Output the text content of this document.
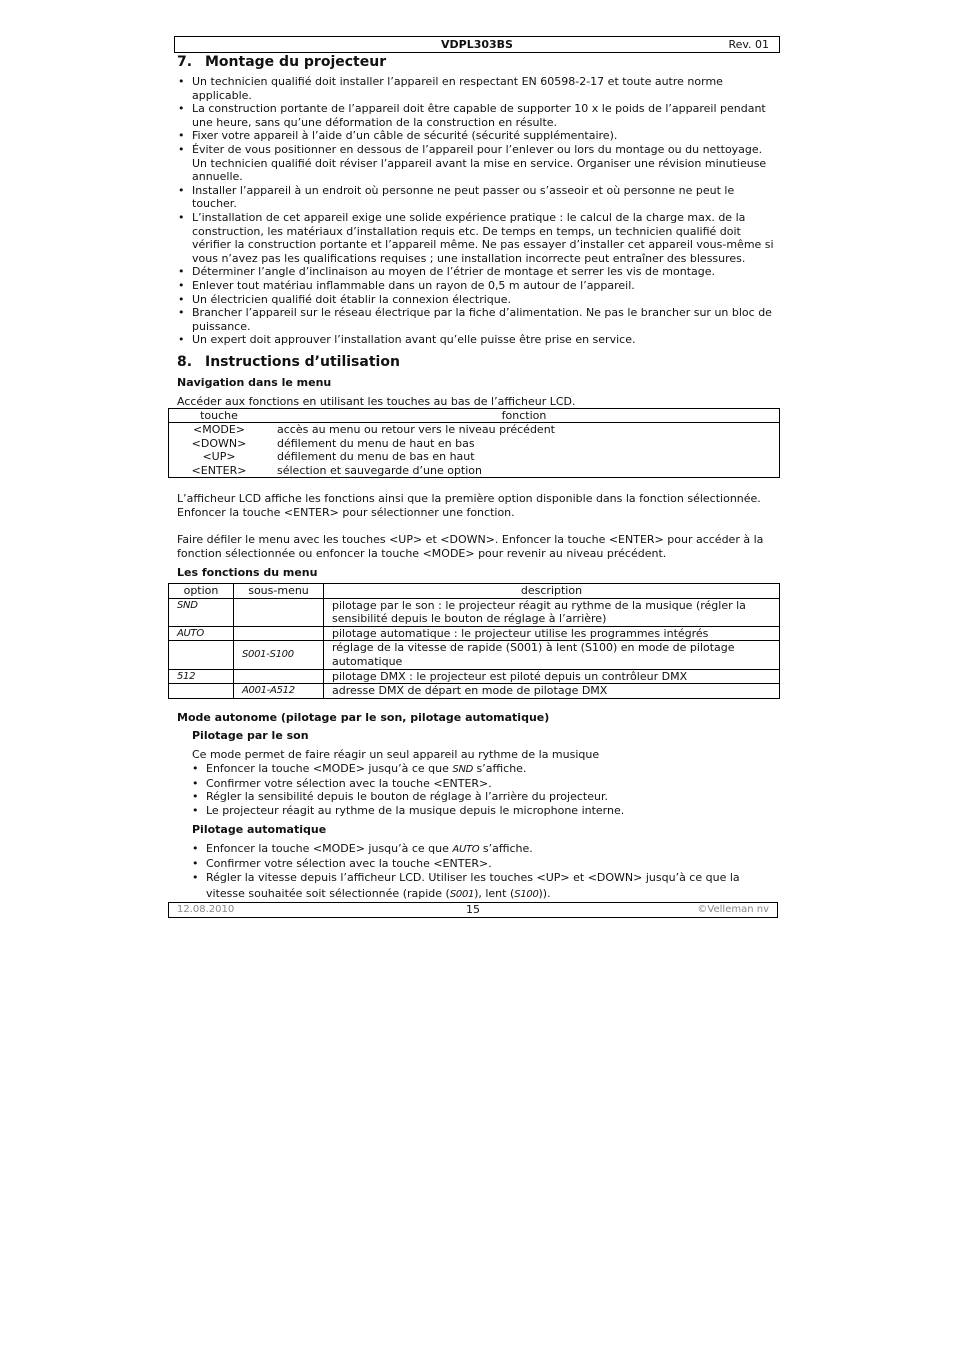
VDPL303BS	Rev. 01
7. Montage du projecteur
• Un technicien qualifié doit installer l’appareil en respectant EN 60598-2-17 et toute autre norme applicable.
• La construction portante de l’appareil doit être capable de supporter 10 x le poids de l’appareil pendant une heure, sans qu’une déformation de la construction en résulte.
• Fixer votre appareil à l’aide d’un câble de sécurité (sécurité supplémentaire).
• Éviter de vous positionner en dessous de l’appareil pour l’enlever ou lors du montage ou du nettoyage. Un technicien qualifié doit réviser l’appareil avant la mise en service. Organiser une révision minutieuse annuelle.
• Installer l’appareil à un endroit où personne ne peut passer ou s’asseoir et où personne ne peut le toucher.
• L’installation de cet appareil exige une solide expérience pratique : le calcul de la charge max. de la construction, les matériaux d’installation requis etc. De temps en temps, un technicien qualifié doit vérifier la construction portante et l’appareil même. Ne pas essayer d’installer cet appareil vous-même si vous n’avez pas les qualifications requises ; une installation incorrecte peut entraîner des blessures.
• Déterminer l’angle d’inclinaison au moyen de l’étrier de montage et serrer les vis de montage.
• Enlever tout matériau inflammable dans un rayon de 0,5 m autour de l’appareil.
• Un électricien qualifié doit établir la connexion électrique.
• Brancher l’appareil sur le réseau électrique par la fiche d’alimentation. Ne pas le brancher sur un bloc de puissance.
• Un expert doit approuver l’installation avant qu’elle puisse être prise en service.
8. Instructions d’utilisation

Navigation dans le menu

Accéder aux fonctions en utilisant les touches au bas de l’afficheur LCD.

touche	fonction
<MODE>	accès au menu ou retour vers le niveau précédent
<DOWN>	défilement du menu de haut en bas
<UP>	défilement du menu de bas en haut
<ENTER>	sélection et sauvegarde d’une option

L’afficheur LCD affiche les fonctions ainsi que la première option disponible dans la fonction sélectionnée. Enfoncer la touche <ENTER> pour sélectionner une fonction.

Faire défiler le menu avec les touches <UP> et <DOWN>. Enfoncer la touche <ENTER> pour accéder à la fonction sélectionnée ou enfoncer la touche <MODE> pour revenir au niveau précédent.

Les fonctions du menu

option	sous-menu	description
SND		pilotage par le son : le projecteur réagit au rythme de la musique (régler la sensibilité depuis le bouton de réglage à l’arrière)
AUTO		pilotage automatique : le projecteur utilise les programmes intégrés
	S001-S100	réglage de la vitesse de rapide (S001) à lent (S100) en mode de pilotage automatique
512		pilotage DMX : le projecteur est piloté depuis un contrôleur DMX
	A001-A512	adresse DMX de départ en mode de pilotage DMX

Mode autonome (pilotage par le son, pilotage automatique)

Pilotage par le son

Ce mode permet de faire réagir un seul appareil au rythme de la musique

• Enfoncer la touche <MODE> jusqu’à ce que SND s’affiche.
• Confirmer votre sélection avec la touche <ENTER>.
• Régler la sensibilité depuis le bouton de réglage à l’arrière du projecteur.
• Le projecteur réagit au rythme de la musique depuis le microphone interne.

Pilotage automatique

• Enfoncer la touche <MODE> jusqu’à ce que AUTO s’affiche.
• Confirmer votre sélection avec la touche <ENTER>.
• Régler la vitesse depuis l’afficheur LCD. Utiliser les touches <UP> et <DOWN> jusqu’à ce que la vitesse souhaitée soit sélectionnée (rapide (S001), lent (S100)).
12.08.2010	15	©Velleman nv
